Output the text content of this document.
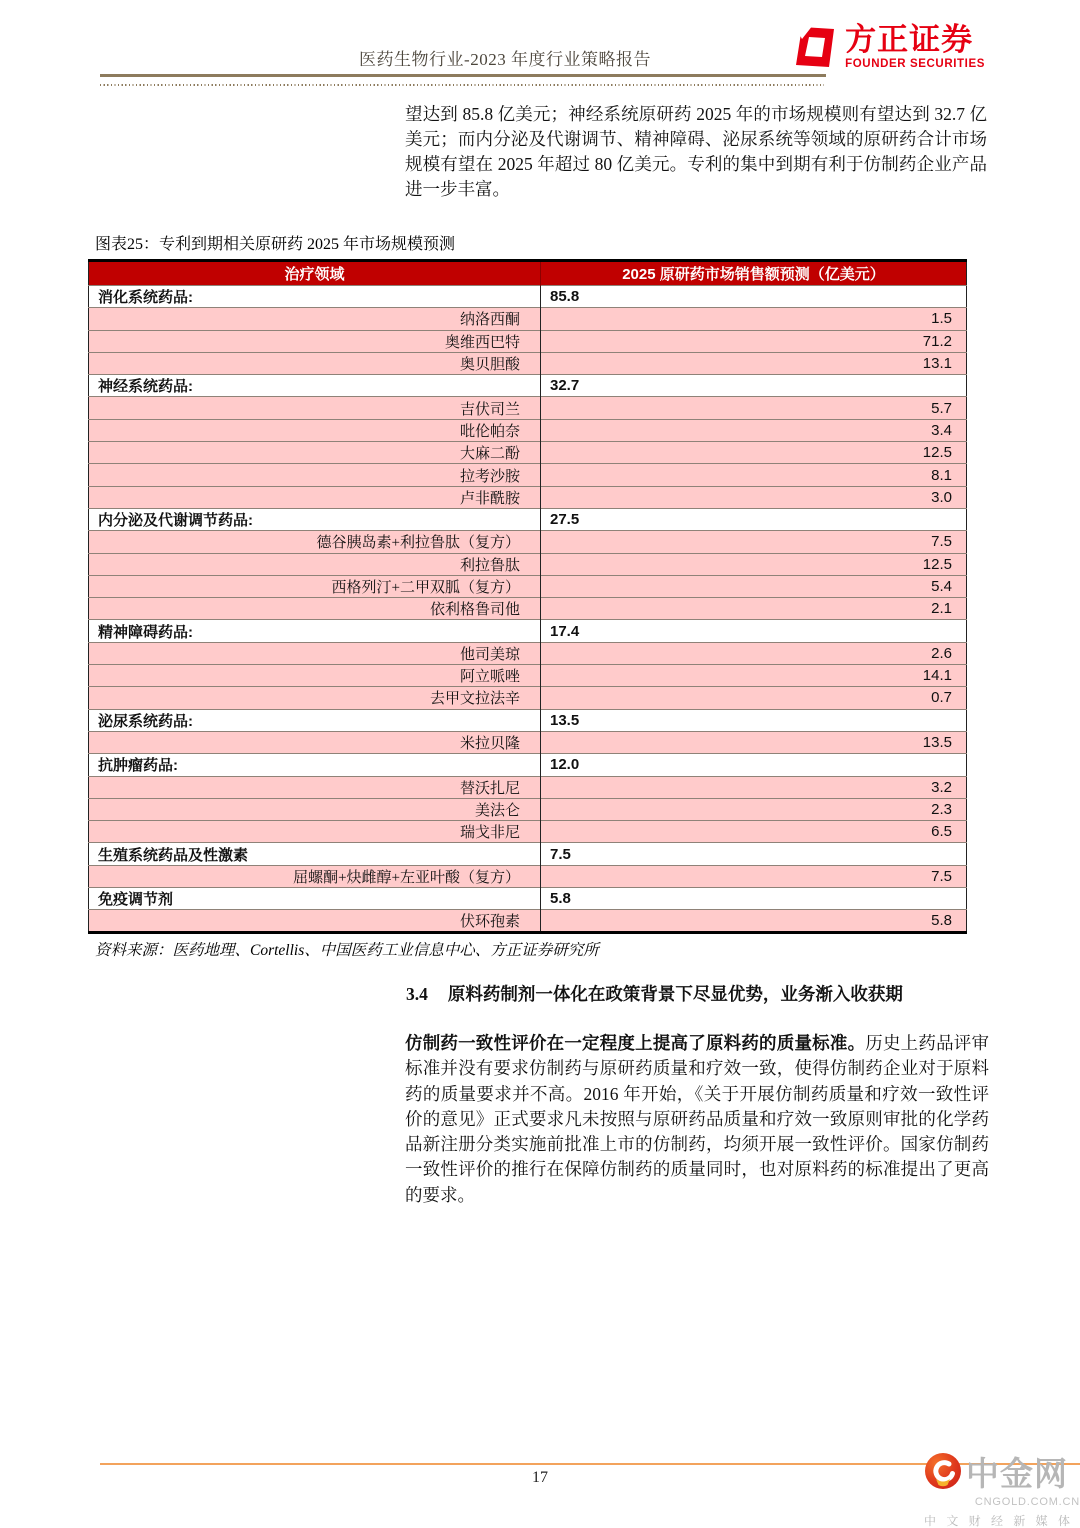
医药生物行业-2023 年度行业策略报告
方正证券
FOUNDER SECURITIES

望达到 85.8 亿美元；神经系统原研药 2025 年的市场规模则有望达到 32.7 亿美元；而内分泌及代谢调节、精神障碍、泌尿系统等领域的原研药合计市场规模有望在 2025 年超过 80 亿美元。专利的集中到期有利于仿制药企业产品进一步丰富。

图表25：专利到期相关原研药 2025 年市场规模预测
治疗领域	2025 原研药市场销售额预测（亿美元）
消化系统药品:	85.8
纳洛西酮	1.5
奥维西巴特	71.2
奥贝胆酸	13.1
神经系统药品:	32.7
吉伏司兰	5.7
吡伦帕奈	3.4
大麻二酚	12.5
拉考沙胺	8.1
卢非酰胺	3.0
内分泌及代谢调节药品:	27.5
德谷胰岛素+利拉鲁肽（复方）	7.5
利拉鲁肽	12.5
西格列汀+二甲双胍（复方）	5.4
依利格鲁司他	2.1
精神障碍药品:	17.4
他司美琼	2.6
阿立哌唑	14.1
去甲文拉法辛	0.7
泌尿系统药品:	13.5
米拉贝隆	13.5
抗肿瘤药品:	12.0
替沃扎尼	3.2
美法仑	2.3
瑞戈非尼	6.5
生殖系统药品及性激素	7.5
屈螺酮+炔雌醇+左亚叶酸（复方）	7.5
免疫调节剂	5.8
伏环孢素	5.8
资料来源：医药地理、Cortellis、中国医药工业信息中心、方正证券研究所
3.4 原料药制剂一体化在政策背景下尽显优势，业务渐入收获期

仿制药一致性评价在一定程度上提高了原料药的质量标准。历史上药品评审标准并没有要求仿制药与原研药质量和疗效一致，使得仿制药企业对于原料药的质量要求并不高。2016 年开始，《关于开展仿制药质量和疗效一致性评价的意见》正式要求凡未按照与原研药品质量和疗效一致原则审批的化学药品新注册分类实施前批准上市的仿制药，均须开展一致性评价。国家仿制药一致性评价的推行在保障仿制药的质量同时，也对原料药的标准提出了更高的要求。

17	中金网
CNGOLD.COM.CN
中 文 财 经 新 媒 体
